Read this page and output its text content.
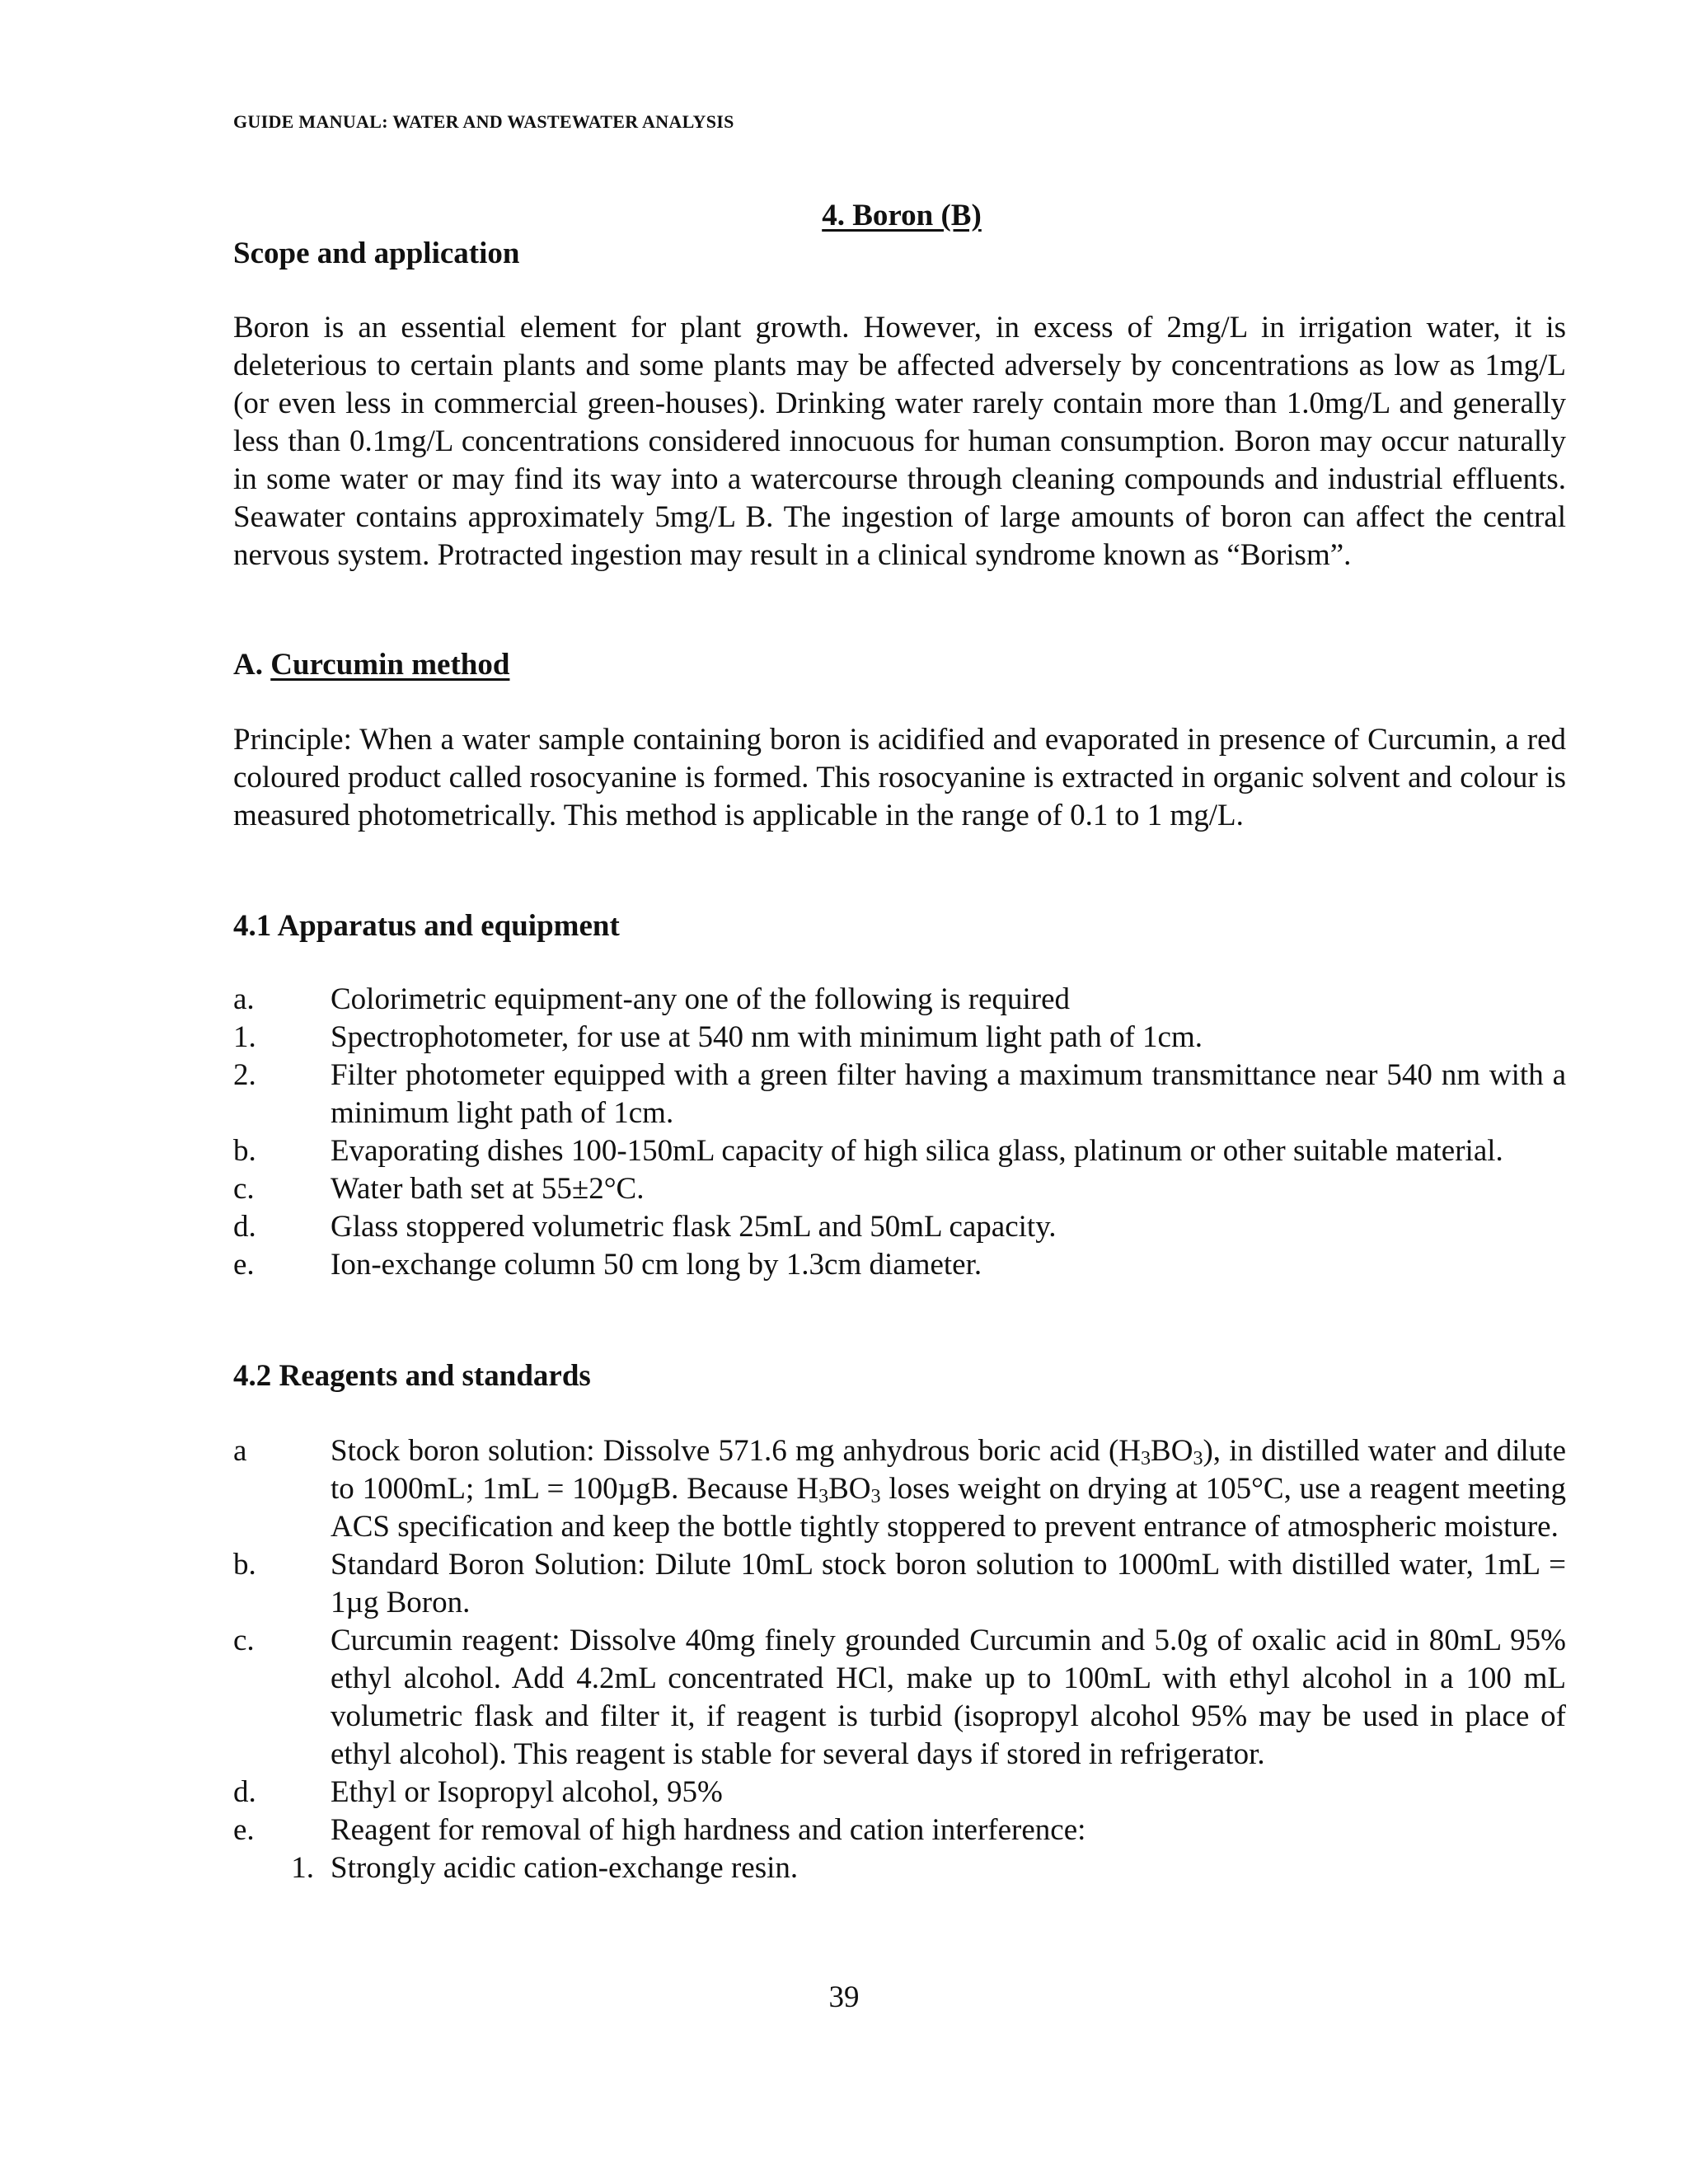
GUIDE MANUAL: WATER AND WASTEWATER ANALYSIS
4. Boron (B)
Scope and application
Boron is an essential element for plant growth. However, in excess of 2mg/L in irrigation water, it is deleterious to certain plants and some plants may be affected adversely by concentrations as low as 1mg/L (or even less in commercial green-houses). Drinking water rarely contain more than 1.0mg/L and generally less than 0.1mg/L concentrations considered innocuous for human consumption. Boron may occur naturally in some water or may find its way into a watercourse through cleaning compounds and industrial effluents. Seawater contains approximately 5mg/L B. The ingestion of large amounts of boron can affect the central nervous system. Protracted ingestion may result in a clinical syndrome known as “Borism”.
A. Curcumin method
Principle: When a water sample containing boron is acidified and evaporated in presence of Curcumin, a red coloured product called rosocyanine is formed. This rosocyanine is extracted in organic solvent and colour is measured photometrically. This method is applicable in the range of 0.1 to 1 mg/L.
4.1 Apparatus and equipment
a.	Colorimetric equipment-any one of the following is required
1.	Spectrophotometer, for use at 540 nm with minimum light path of 1cm.
2.	Filter photometer equipped with a green filter having a maximum transmittance near 540 nm with a minimum light path of 1cm.
b.	Evaporating dishes 100-150mL capacity of high silica glass, platinum or other suitable material.
c.	Water bath set at 55±2°C.
d.	Glass stoppered volumetric flask 25mL and 50mL capacity.
e.	Ion-exchange column 50 cm long by 1.3cm diameter.
4.2 Reagents and standards
a	Stock boron solution: Dissolve 571.6 mg anhydrous boric acid $(H_3BO_3)$, in distilled water and dilute to 1000mL; 1mL = 100µgB. Because $H_3BO_3$ loses weight on drying at 105°C, use a reagent meeting ACS specification and keep the bottle tightly stoppered to prevent entrance of atmospheric moisture.
b.	Standard Boron Solution: Dilute 10mL stock boron solution to 1000mL with distilled water, 1mL = 1µg Boron.
c.	Curcumin reagent: Dissolve 40mg finely grounded Curcumin and 5.0g of oxalic acid in 80mL 95% ethyl alcohol. Add 4.2mL concentrated HCl, make up to 100mL with ethyl alcohol in a 100 mL volumetric flask and filter it, if reagent is turbid (isopropyl alcohol 95% may be used in place of ethyl alcohol). This reagent is stable for several days if stored in refrigerator.
d.	Ethyl or Isopropyl alcohol, 95%
e.	Reagent for removal of high hardness and cation interference:
1. Strongly acidic cation-exchange resin.
39
